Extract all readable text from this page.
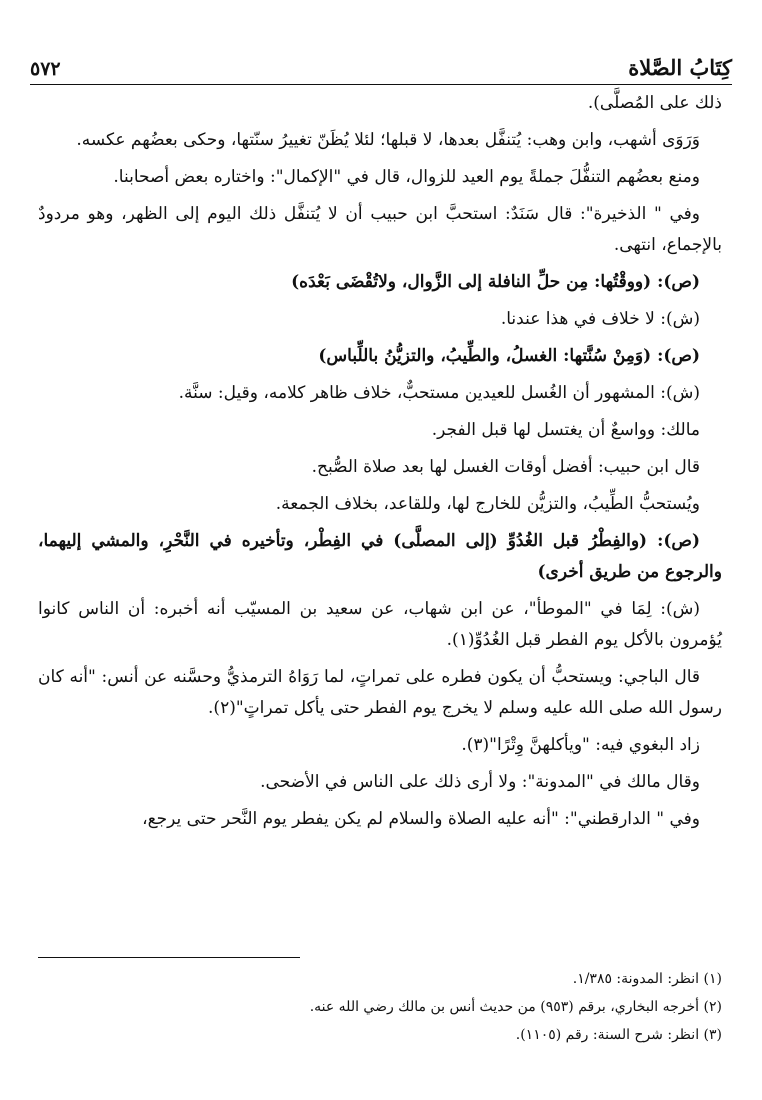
٥٧٢	كِتَابُ الصَّلاة

ذلك على المُصلَّى).

وَرَوَى أشهب، وابن وهب: يُتنفَّل بعدها، لا قبلها؛ لئلا يُظَنّ تغييرُ سنّتها، وحكى بعضُهم عكسه.

ومنع بعضُهم التنفُّلَ جملةً يوم العيد للزوال، قال في "الإكمال": واختاره بعض أصحابنا.

وفي " الذخيرة": قال سَنَدٌ: استحبَّ ابن حبيب أن لا يُتنفَّل ذلك اليوم إلى الظهر، وهو مردودٌ بالإجماع، انتهى.

(ص): (ووقْتُها: مِن حلِّ النافلة إلى الزَّوال، ولاتُقْضَى بَعْدَه)

(ش): لا خلاف في هذا عندنا.

(ص): (وَمِنْ سُنَّتها: الغسلُ، والطِّيبُ، والتزيُّنُ باللِّباس)

(ش): المشهور أن الغُسل للعيدين مستحبٌّ، خلاف ظاهر كلامه، وقيل: سنَّة.

مالك: وواسعٌ أن يغتسل لها قبل الفجر.

قال ابن حبيب: أفضل أوقات الغسل لها بعد صلاة الصُّبح.

ويُستحبُّ الطِّيبُ، والتزيُّن للخارج لها، وللقاعد، بخلاف الجمعة.

(ص): (والفِطْرُ قبل الغُدُوِّ (إلى المصلَّى) في الفِطْر، وتأخيره في النَّحْرِ، والمشي إليهما، والرجوع من طريق أخرى)

(ش): لِمَا في "الموطأ"، عن ابن شهاب، عن سعيد بن المسيّب أنه أخبره: أن الناس كانوا يُؤمرون بالأكل يوم الفطر قبل الغُدُوِّ(١).

قال الباجي: ويستحبُّ أن يكون فطره على تمراتٍ، لما رَوَاهُ الترمذيُّ وحسَّنه عن أنس: "أنه كان رسول الله صلى الله عليه وسلم لا يخرج يوم الفطر حتى يأكل تمراتٍ"(٢).

زاد البغوي فيه: "ويأكلهنَّ وِتْرًا"(٣).

وقال مالك في "المدونة": ولا أرى ذلك على الناس في الأضحى.

وفي " الدارقطني": "أنه عليه الصلاة والسلام لم يكن يفطر يوم النَّحر حتى يرجع،

(١) انظر: المدونة: ١/٣٨٥.

(٢) أخرجه البخاري، برقم (٩٥٣) من حديث أنس بن مالك رضي الله عنه.

(٣) انظر: شرح السنة: رقم (١١٠٥).
